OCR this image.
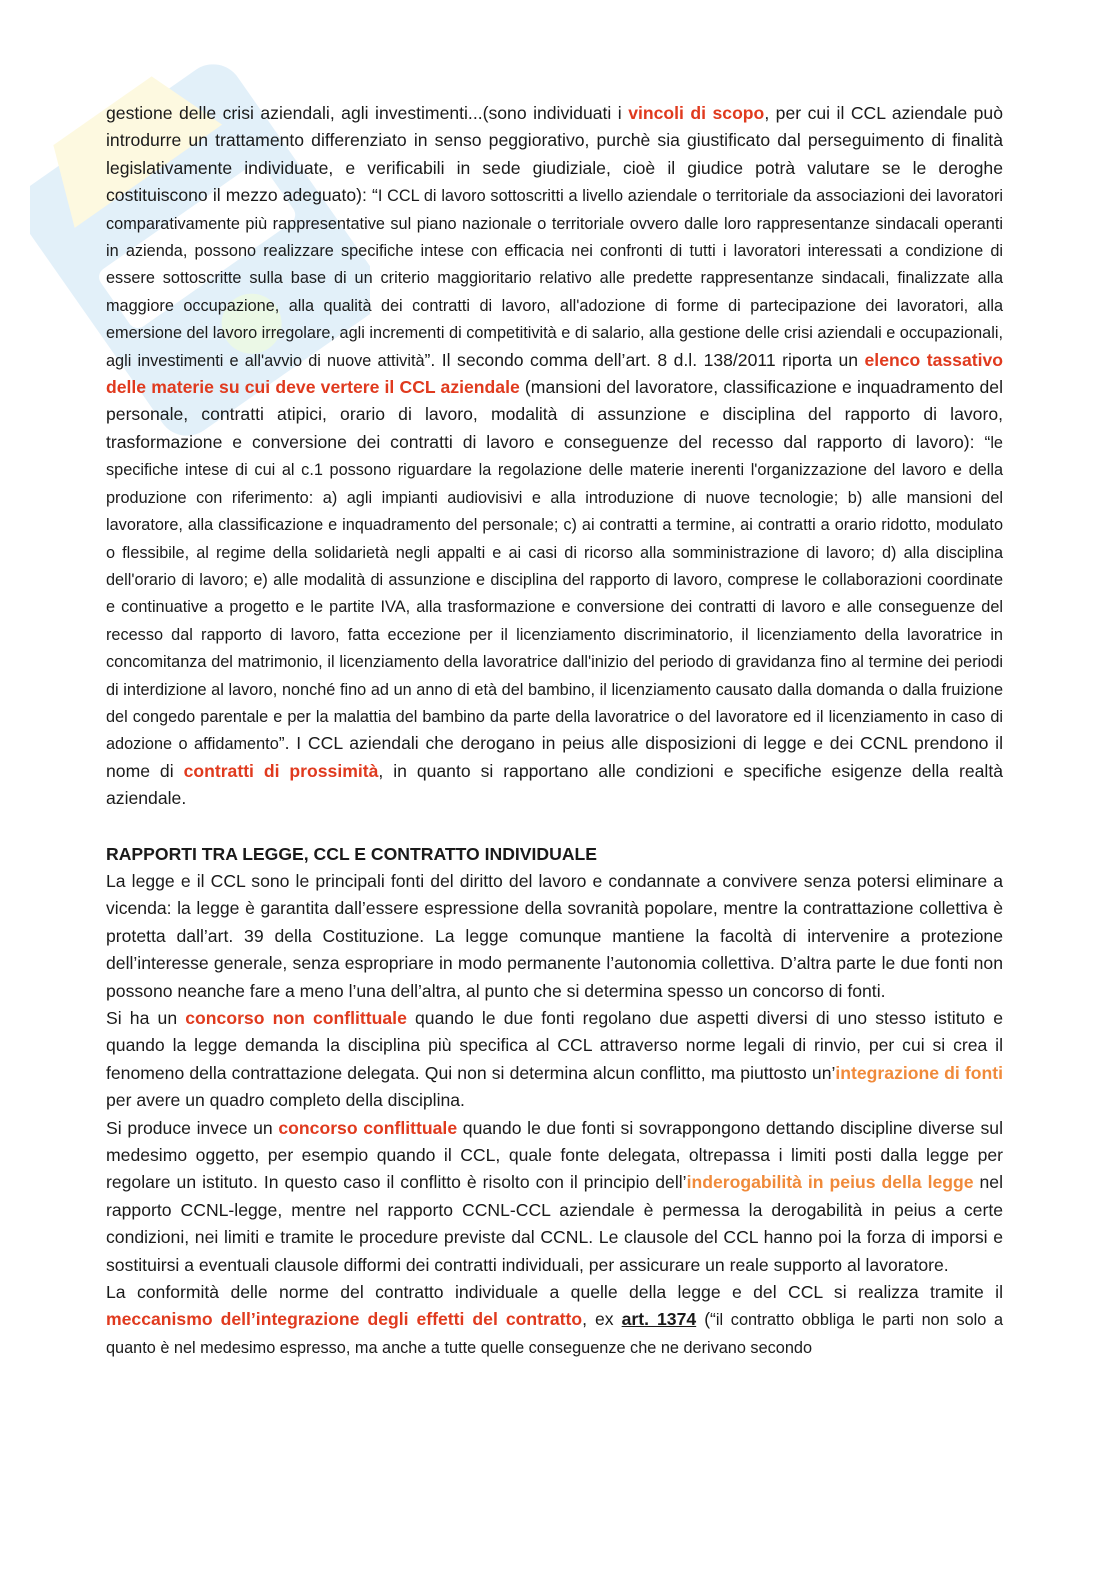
gestione delle crisi aziendali, agli investimenti...(sono individuati i vincoli di scopo, per cui il CCL aziendale può introdurre un trattamento differenziato in senso peggiorativo, purchè sia giustificato dal perseguimento di finalità legislativamente individuate, e verificabili in sede giudiziale, cioè il giudice potrà valutare se le deroghe costituiscono il mezzo adeguato): “I CCL di lavoro sottoscritti a livello aziendale o territoriale da associazioni dei lavoratori comparativamente più rappresentative sul piano nazionale o territoriale ovvero dalle loro rappresentanze sindacali operanti in azienda, possono realizzare specifiche intese con efficacia nei confronti di tutti i lavoratori interessati a condizione di essere sottoscritte sulla base di un criterio maggioritario relativo alle predette rappresentanze sindacali, finalizzate alla maggiore occupazione, alla qualità dei contratti di lavoro, all'adozione di forme di partecipazione dei lavoratori, alla emersione del lavoro irregolare, agli incrementi di competitività e di salario, alla gestione delle crisi aziendali e occupazionali, agli investimenti e all'avvio di nuove attività”. Il secondo comma dell’art. 8 d.l. 138/2011 riporta un elenco tassativo delle materie su cui deve vertere il CCL aziendale (mansioni del lavoratore, classificazione e inquadramento del personale, contratti atipici, orario di lavoro, modalità di assunzione e disciplina del rapporto di lavoro, trasformazione e conversione dei contratti di lavoro e conseguenze del recesso dal rapporto di lavoro): “le specifiche intese di cui al c.1 possono riguardare la regolazione delle materie inerenti l'organizzazione del lavoro e della produzione con riferimento: a) agli impianti audiovisivi e alla introduzione di nuove tecnologie; b) alle mansioni del lavoratore, alla classificazione e inquadramento del personale; c) ai contratti a termine, ai contratti a orario ridotto, modulato o flessibile, al regime della solidarietà negli appalti e ai casi di ricorso alla somministrazione di lavoro; d) alla disciplina dell'orario di lavoro; e) alle modalità di assunzione e disciplina del rapporto di lavoro, comprese le collaborazioni coordinate e continuative a progetto e le partite IVA, alla trasformazione e conversione dei contratti di lavoro e alle conseguenze del recesso dal rapporto di lavoro, fatta eccezione per il licenziamento discriminatorio, il licenziamento della lavoratrice in concomitanza del matrimonio, il licenziamento della lavoratrice dall'inizio del periodo di gravidanza fino al termine dei periodi di interdizione al lavoro, nonché fino ad un anno di età del bambino, il licenziamento causato dalla domanda o dalla fruizione del congedo parentale e per la malattia del bambino da parte della lavoratrice o del lavoratore ed il licenziamento in caso di adozione o affidamento”. I CCL aziendali che derogano in peius alle disposizioni di legge e dei CCNL prendono il nome di contratti di prossimità, in quanto si rapportano alle condizioni e specifiche esigenze della realtà aziendale.

RAPPORTI TRA LEGGE, CCL E CONTRATTO INDIVIDUALE

La legge e il CCL sono le principali fonti del diritto del lavoro e condannate a convivere senza potersi eliminare a vicenda: la legge è garantita dall’essere espressione della sovranità popolare, mentre la contrattazione collettiva è protetta dall’art. 39 della Costituzione. La legge comunque mantiene la facoltà di intervenire a protezione dell’interesse generale, senza espropriare in modo permanente l’autonomia collettiva. D’altra parte le due fonti non possono neanche fare a meno l’una dell’altra, al punto che si determina spesso un concorso di fonti.

Si ha un concorso non conflittuale quando le due fonti regolano due aspetti diversi di uno stesso istituto e quando la legge demanda la disciplina più specifica al CCL attraverso norme legali di rinvio, per cui si crea il fenomeno della contrattazione delegata. Qui non si determina alcun conflitto, ma piuttosto un’integrazione di fonti per avere un quadro completo della disciplina.

Si produce invece un concorso conflittuale quando le due fonti si sovrappongono dettando discipline diverse sul medesimo oggetto, per esempio quando il CCL, quale fonte delegata, oltrepassa i limiti posti dalla legge per regolare un istituto. In questo caso il conflitto è risolto con il principio dell’inderogabilità in peius della legge nel rapporto CCNL-legge, mentre nel rapporto CCNL-CCL aziendale è permessa la derogabilità in peius a certe condizioni, nei limiti e tramite le procedure previste dal CCNL. Le clausole del CCL hanno poi la forza di imporsi e sostituirsi a eventuali clausole difformi dei contratti individuali, per assicurare un reale supporto al lavoratore.

La conformità delle norme del contratto individuale a quelle della legge e del CCL si realizza tramite il meccanismo dell’integrazione degli effetti del contratto, ex art. 1374 (“il contratto obbliga le parti non solo a quanto è nel medesimo espresso, ma anche a tutte quelle conseguenze che ne derivano secondo
